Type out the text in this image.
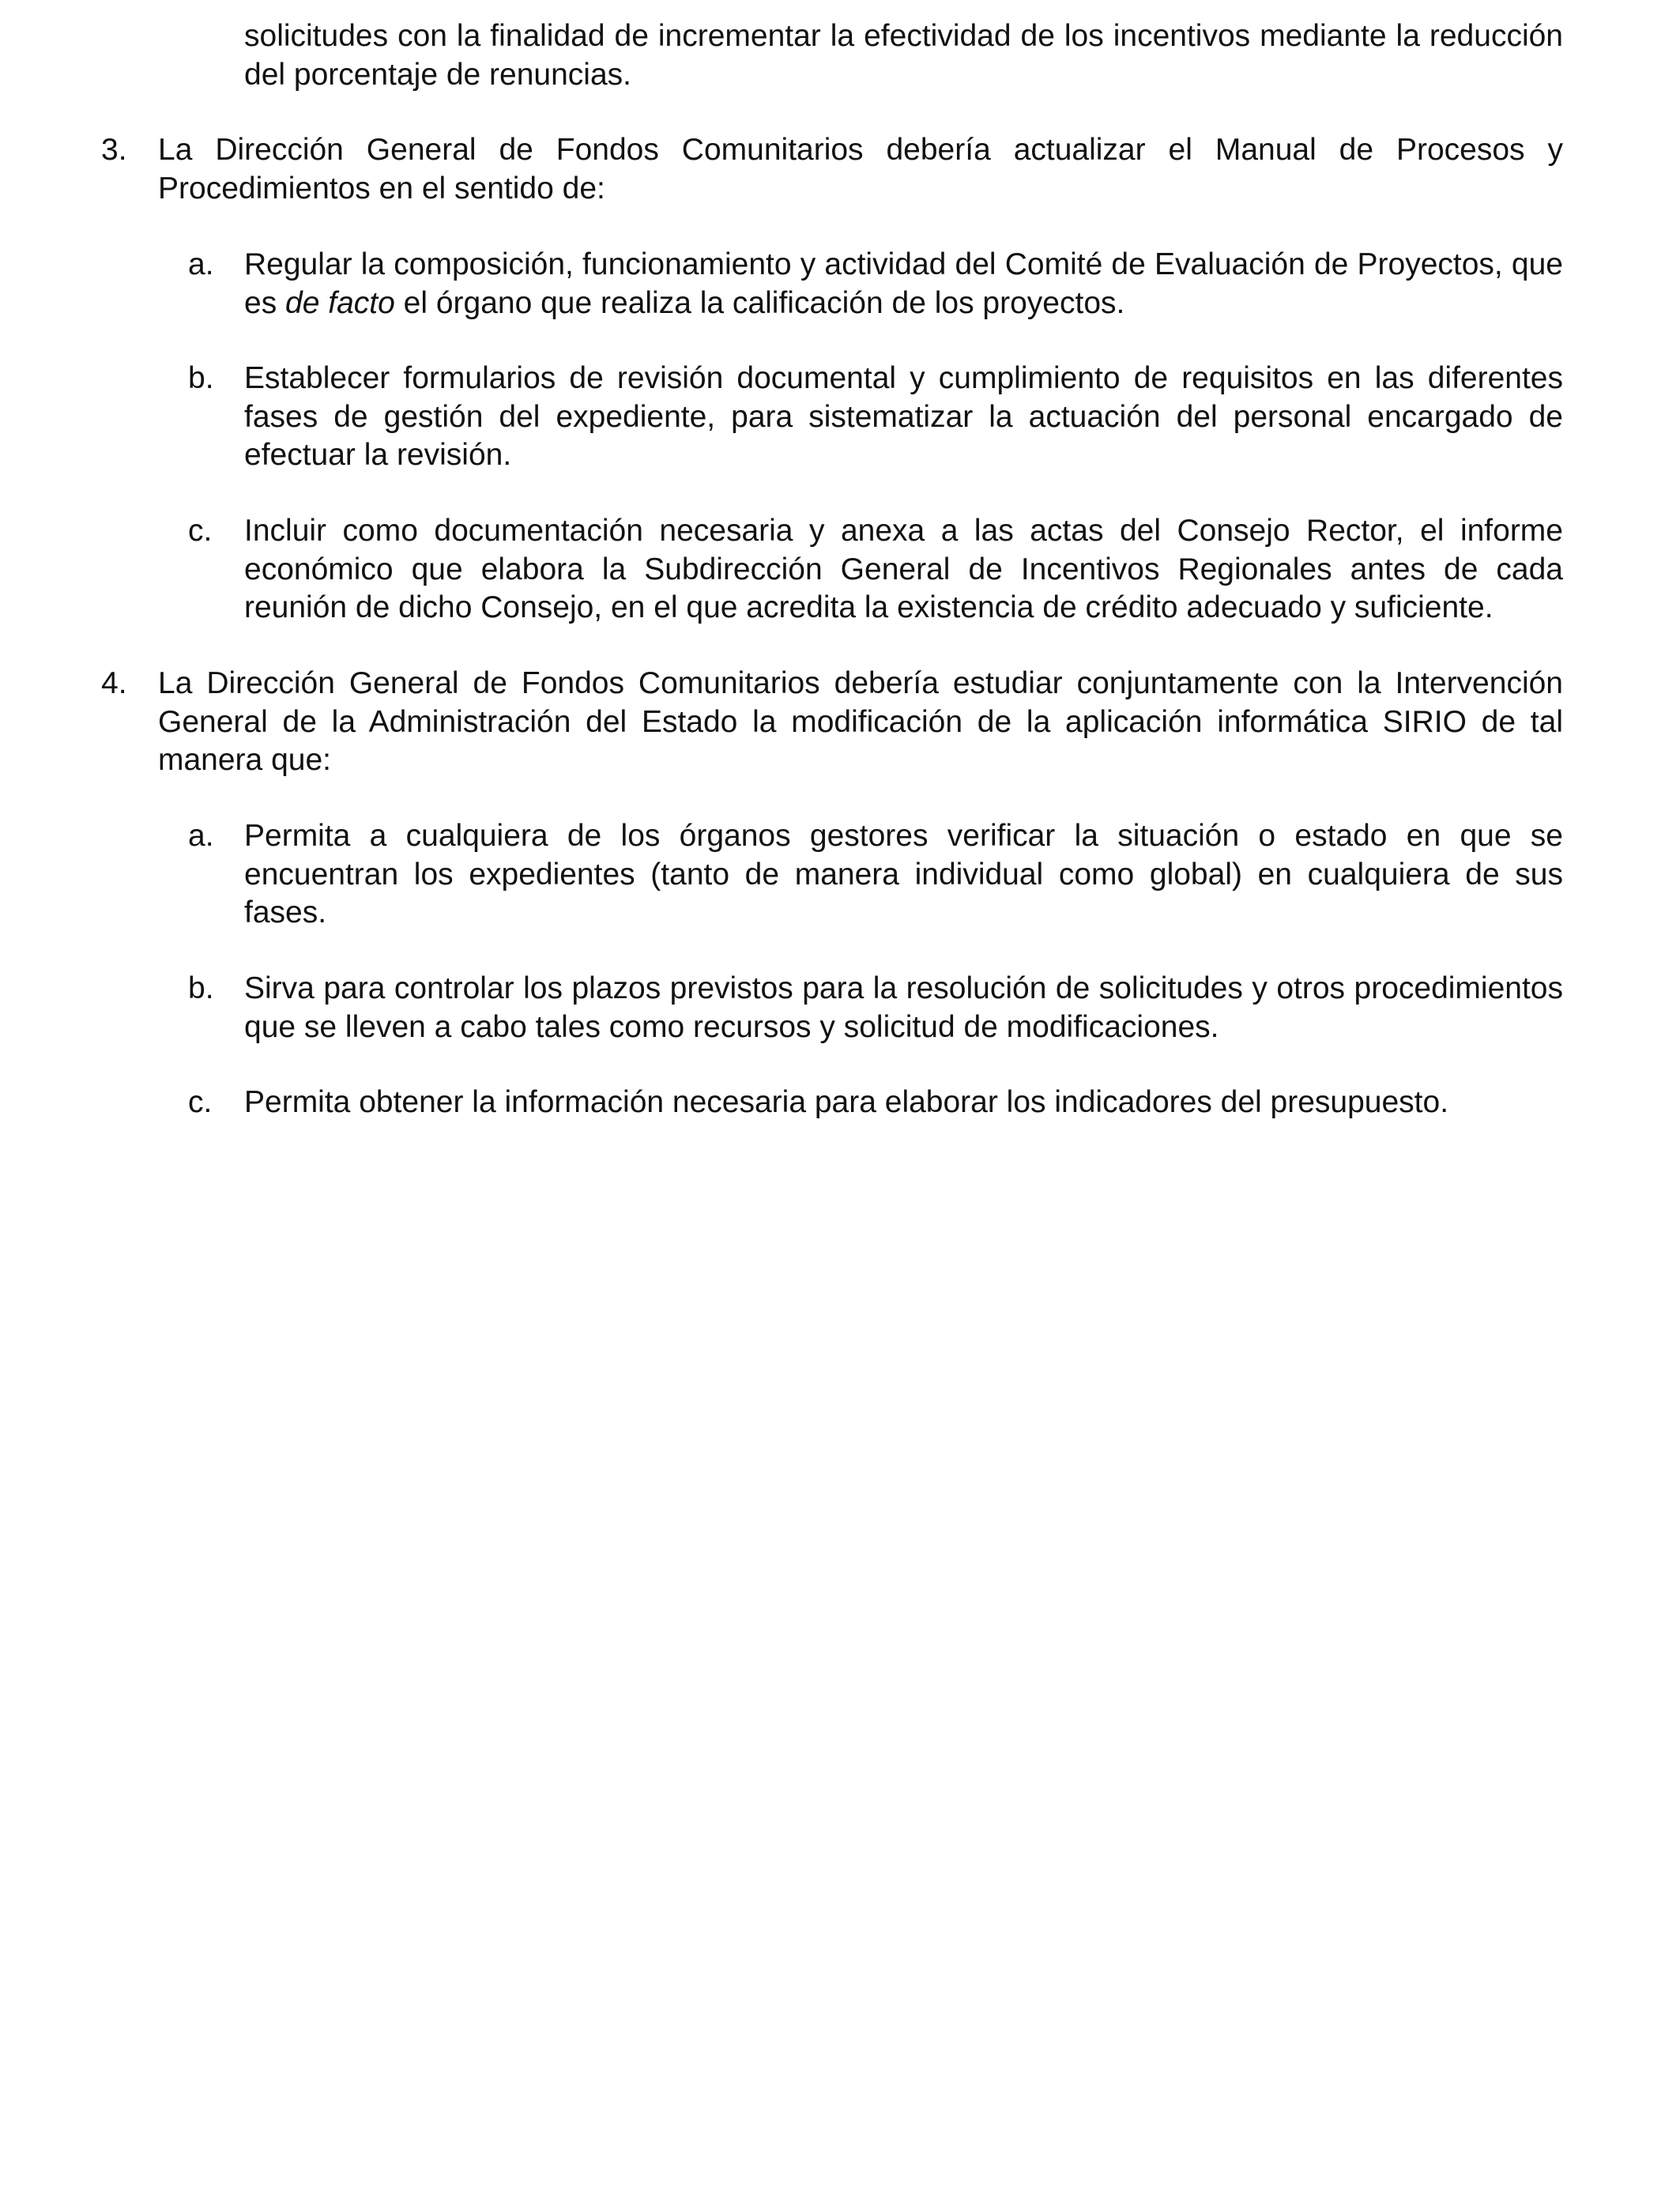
solicitudes con la finalidad de incrementar la efectividad de los incentivos mediante la reducción del porcentaje de renuncias.

3. La Dirección General de Fondos Comunitarios debería actualizar el Manual de Procesos y Procedimientos en el sentido de:

a. Regular la composición, funcionamiento y actividad del Comité de Evaluación de Proyectos, que es de facto el órgano que realiza la calificación de los proyectos.

b. Establecer formularios de revisión documental y cumplimiento de requisitos en las diferentes fases de gestión del expediente, para sistematizar la actuación del personal encargado de efectuar la revisión.

c. Incluir como documentación necesaria y anexa a las actas del Consejo Rector, el informe económico que elabora la Subdirección General de Incentivos Regionales antes de cada reunión de dicho Consejo, en el que acredita la existencia de crédito adecuado y suficiente.

4. La Dirección General de Fondos Comunitarios debería estudiar conjuntamente con la Intervención General de la Administración del Estado la modificación de la aplicación informática SIRIO de tal manera que:

a. Permita a cualquiera de los órganos gestores verificar la situación o estado en que se encuentran los expedientes (tanto de manera individual como global) en cualquiera de sus fases.

b. Sirva para controlar los plazos previstos para la resolución de solicitudes y otros procedimientos que se lleven a cabo tales como recursos y solicitud de modificaciones.

c. Permita obtener la información necesaria para elaborar los indicadores del presupuesto.
